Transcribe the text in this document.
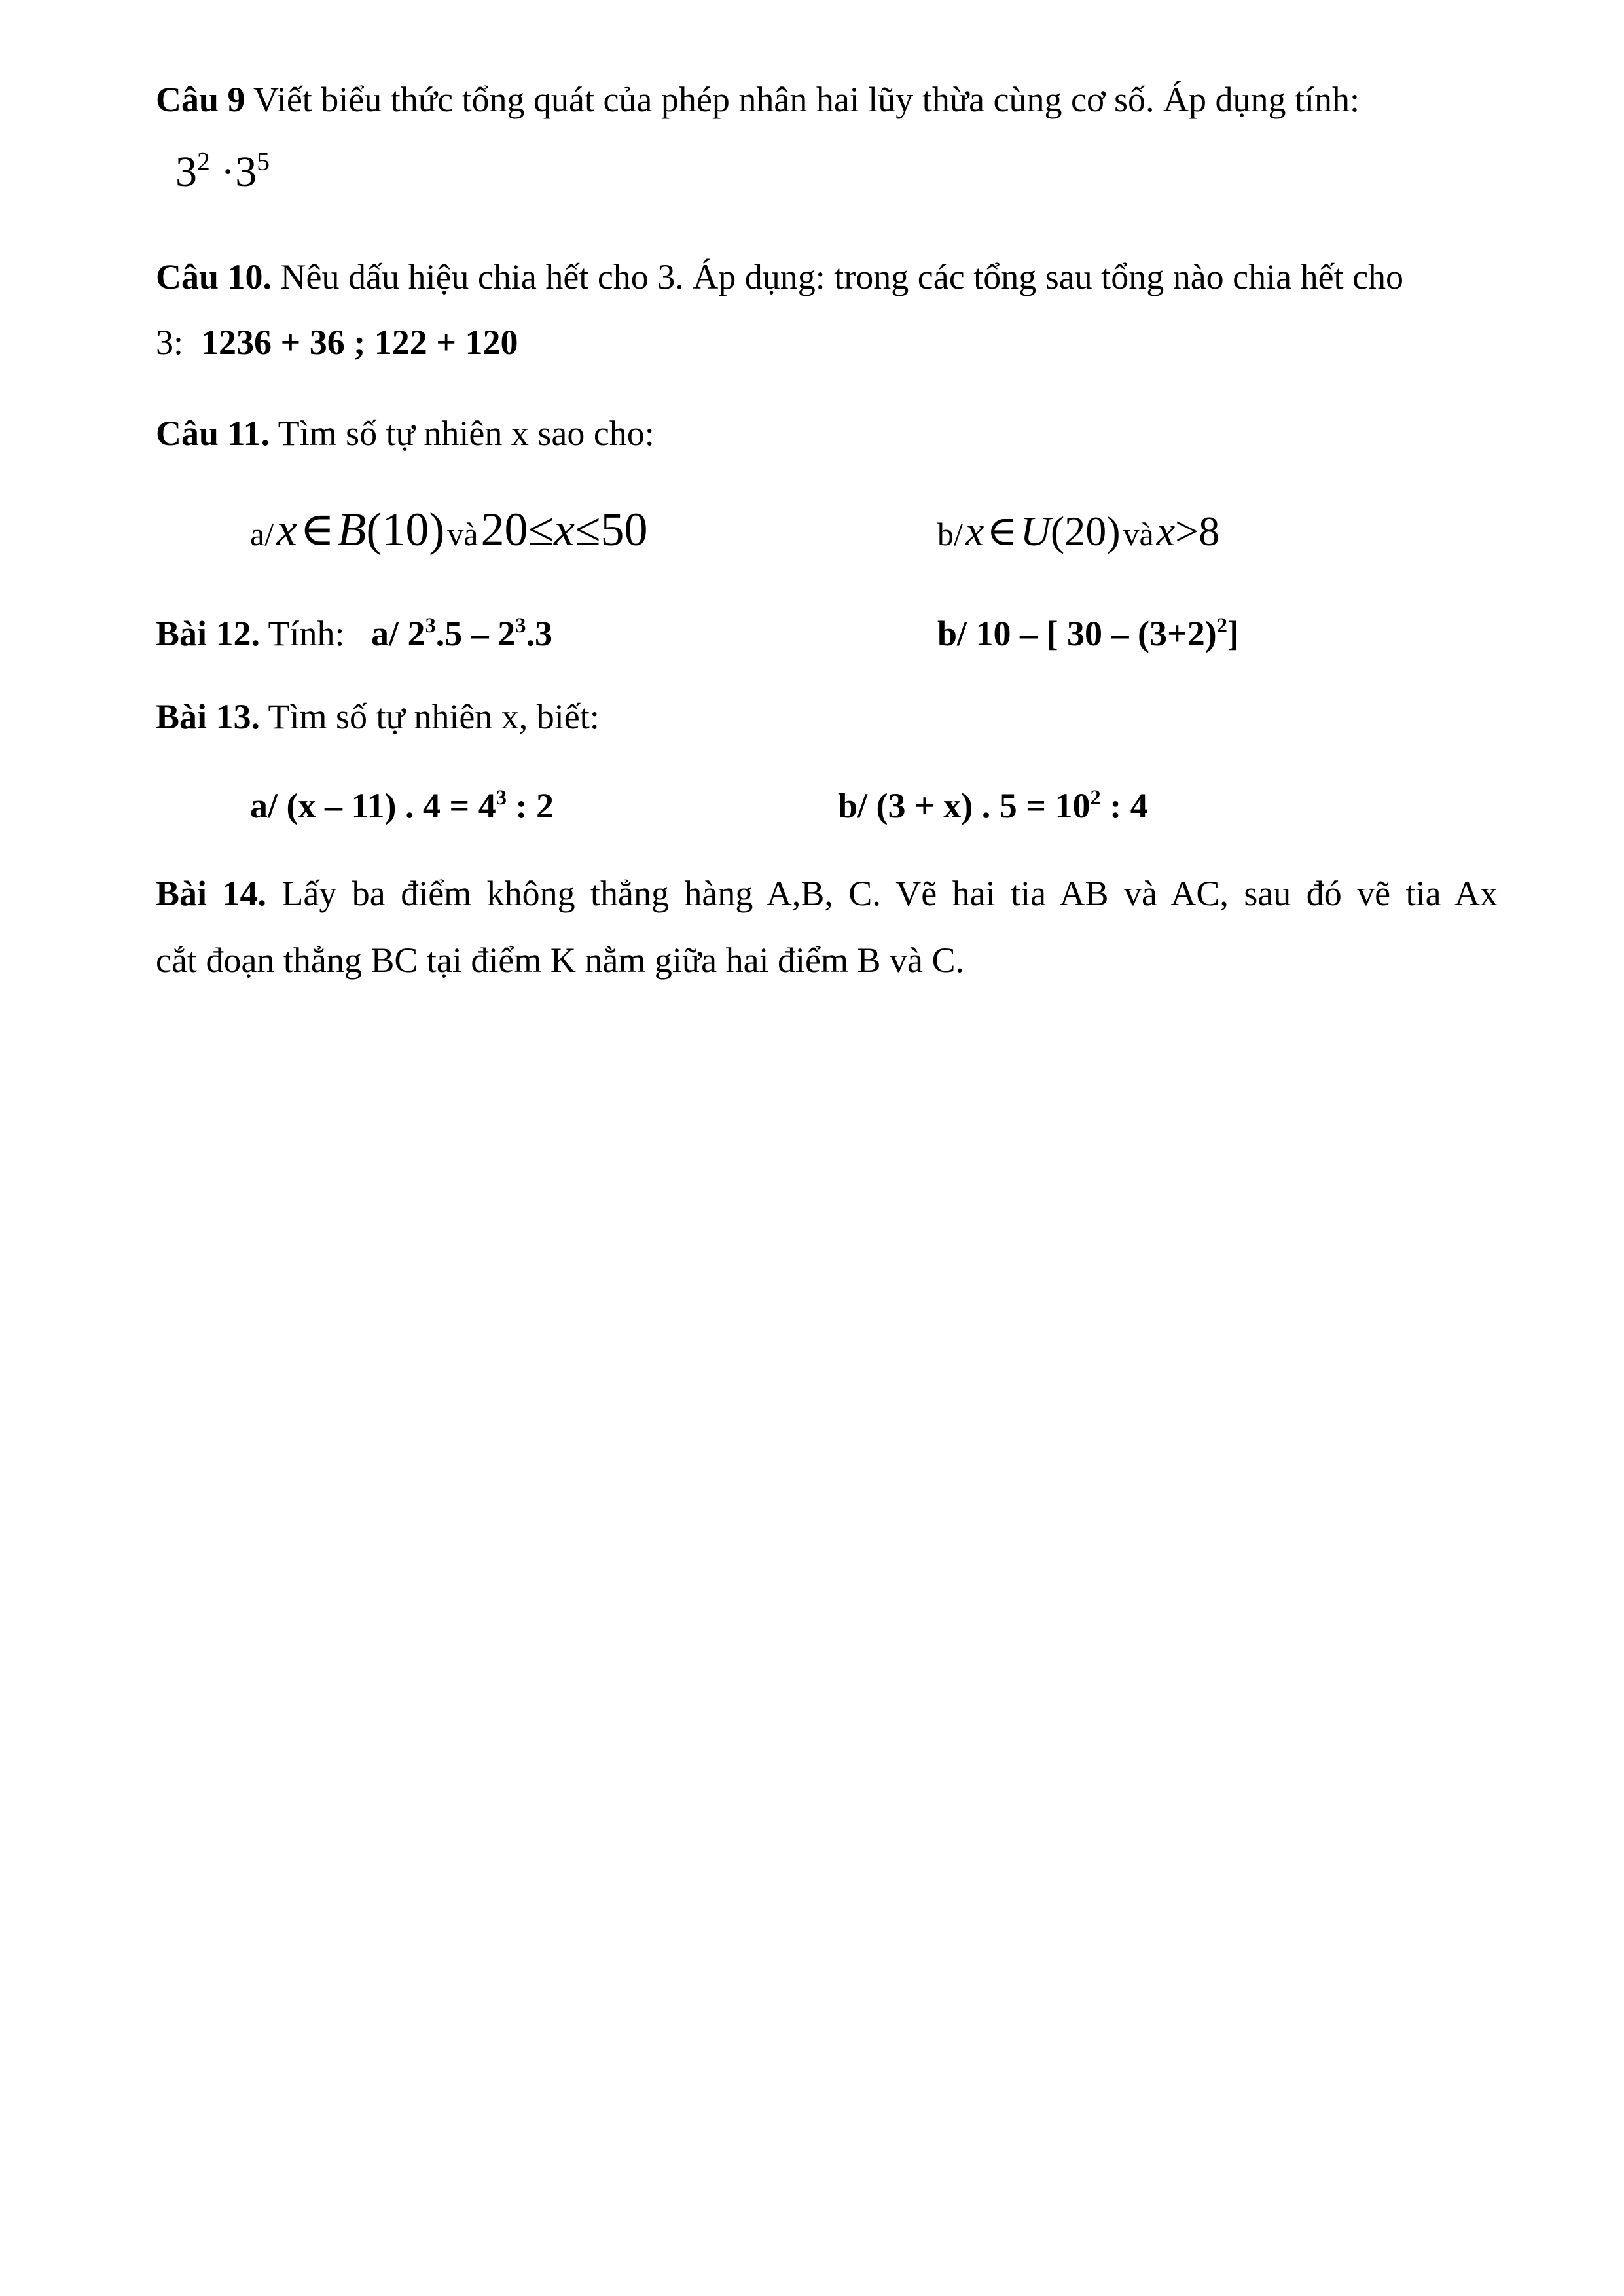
Câu 9 Viết biểu thức tổng quát của phép nhân hai lũy thừa cùng cơ số. Áp dụng tính:
$3^2 \cdot 3^5$
Câu 10. Nêu dấu hiệu chia hết cho 3. Áp dụng: trong các tổng sau tổng nào chia hết cho
3: 1236 + 36 ; 122 + 120
Câu 11. Tìm số tự nhiên x sao cho:
a/ x ∈ B(10) và 20≤x≤50	b/ x ∈ U(20) và x>8
Bài 12. Tính: a/ $2^3.5 - 2^3.3$	b/ 10 – [ $30 - (3+2)^2$]
Bài 13. Tìm số tự nhiên x, biết:
a/ (x – 11) . $4 = 4^3$ : 2	b/ (3 + x) . $5 = 10^2$ : 4
Bài 14. Lấy ba điểm không thẳng hàng A,B, C. Vẽ hai tia AB và AC, sau đó vẽ tia Ax
cắt đoạn thẳng BC tại điểm K nằm giữa hai điểm B và C.
